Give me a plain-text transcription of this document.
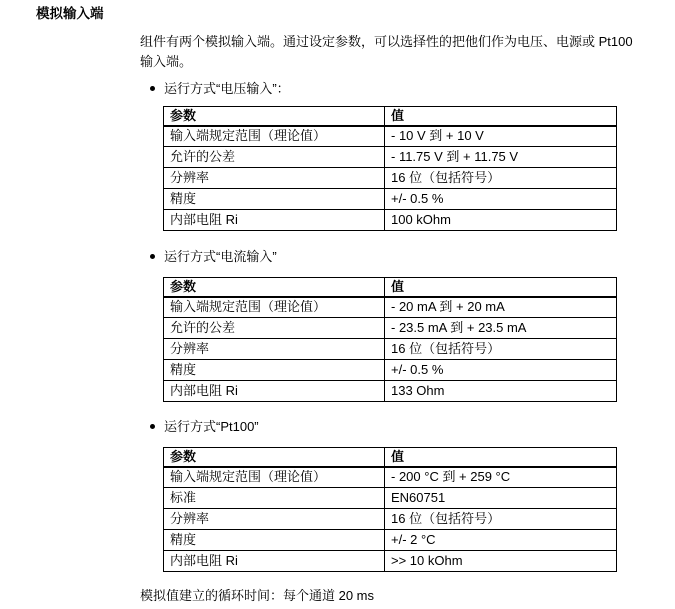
模拟输入端
组件有两个模拟输入端。通过设定参数，可以选择性的把他们作为电压、电源或 Pt100 输入端。
运行方式“电压输入”：
参数	值
输入端规定范围（理论值）	- 10 V 到 + 10 V
允许的公差	- 11.75 V 到 + 11.75 V
分辨率	16 位（包括符号）
精度	+/- 0.5 %
内部电阻 Ri	100 kOhm
运行方式“电流输入”
参数	值
输入端规定范围（理论值）	- 20 mA 到 + 20 mA
允许的公差	- 23.5 mA 到 + 23.5 mA
分辨率	16 位（包括符号）
精度	+/- 0.5 %
内部电阻 Ri	133 Ohm
运行方式“Pt100”
参数	值
输入端规定范围（理论值）	- 200 °C 到 + 259 °C
标准	EN60751
分辨率	16 位（包括符号）
精度	+/- 2 °C
内部电阻 Ri	>> 10 kOhm
模拟值建立的循环时间：每个通道 20 ms
